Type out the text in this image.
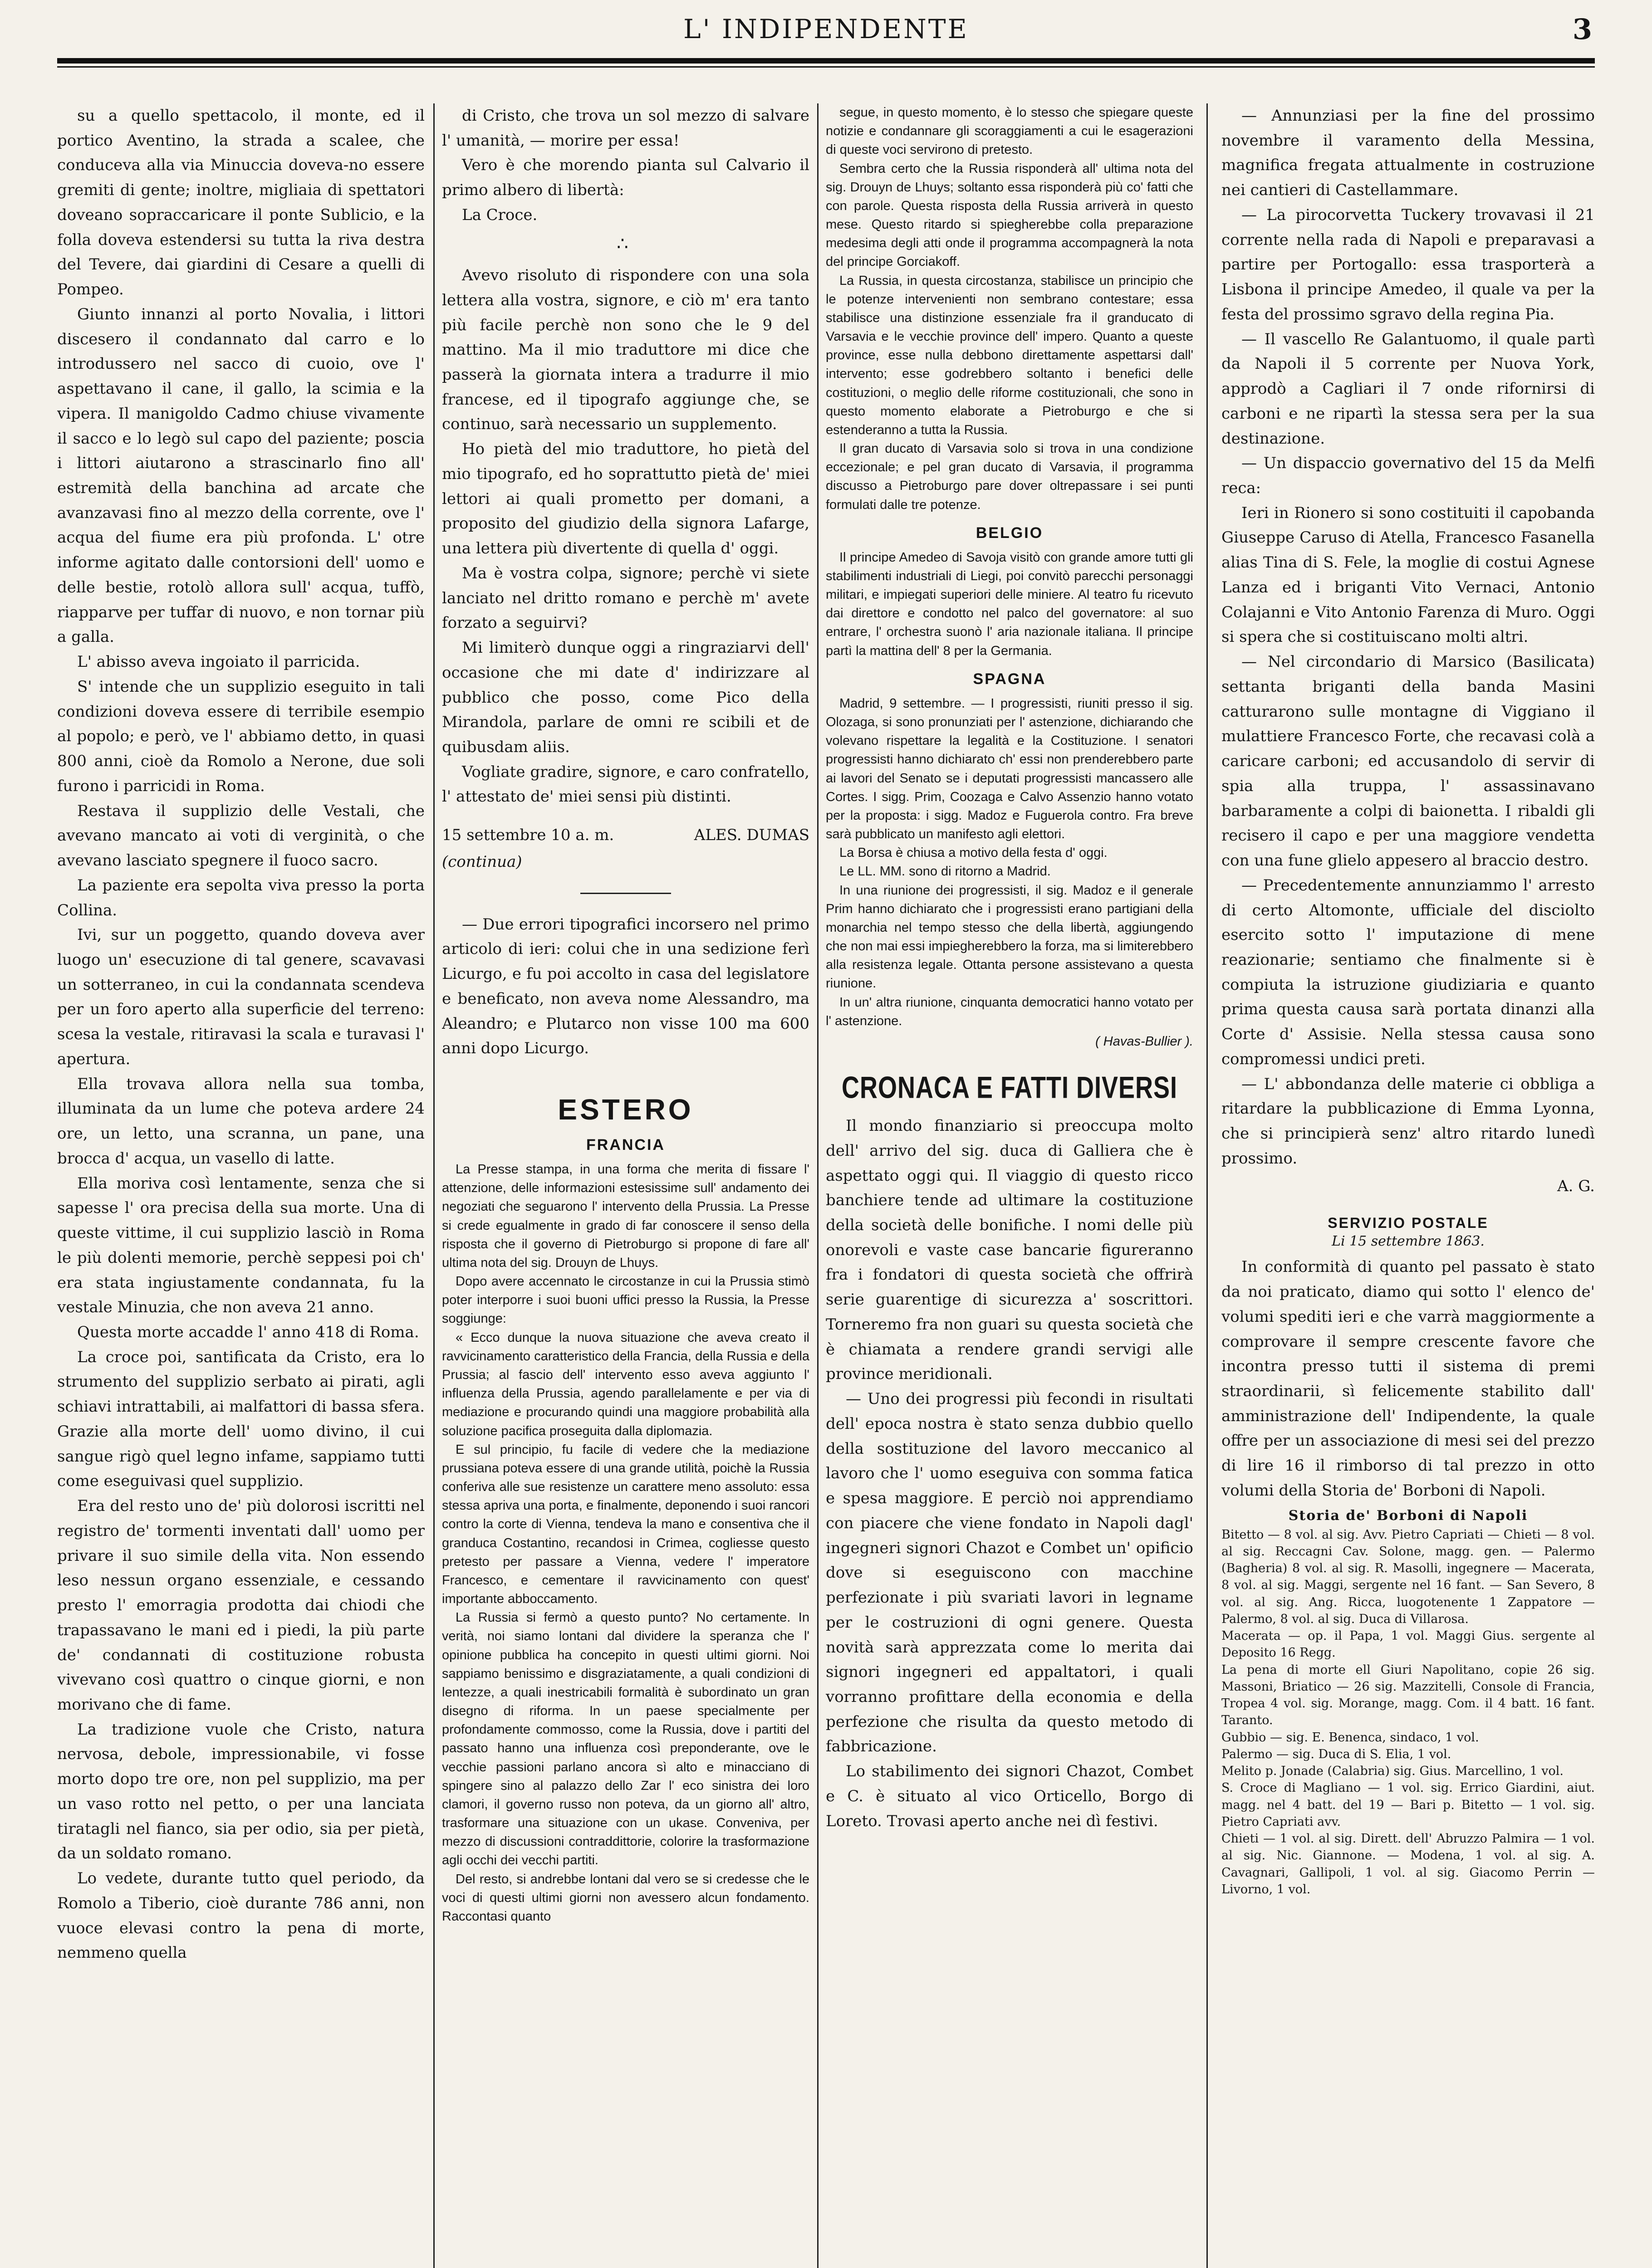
L' INDIPENDENTE	3

su a quello spettacolo, il monte, ed il portico Aventino, la strada a scalee, che conduceva alla via Minuccia doveva-no essere gremiti di gente; inoltre, migliaia di spettatori doveano sopraccaricare il ponte Sublicio, e la folla doveva estendersi su tutta la riva destra del Tevere, dai giardini di Cesare a quelli di Pompeo.

Giunto innanzi al porto Novalia, i littori discesero il condannato dal carro e lo introdussero nel sacco di cuoio, ove l' aspettavano il cane, il gallo, la scimia e la vipera. Il manigoldo Cadmo chiuse vivamente il sacco e lo legò sul capo del paziente; poscia i littori aiutarono a strascinarlo fino all' estremità della banchina ad arcate che avanzavasi fino al mezzo della corrente, ove l' acqua del fiume era più profonda. L' otre informe agitato dalle contorsioni dell' uomo e delle bestie, rotolò allora sull' acqua, tuffò, riapparve per tuffar di nuovo, e non tornar più a galla.

L' abisso aveva ingoiato il parricida.

S' intende che un supplizio eseguito in tali condizioni doveva essere di terribile esempio al popolo; e però, ve l' abbiamo detto, in quasi 800 anni, cioè da Romolo a Nerone, due soli furono i parricidi in Roma.

Restava il supplizio delle Vestali, che avevano mancato ai voti di verginità, o che avevano lasciato spegnere il fuoco sacro.

La paziente era sepolta viva presso la porta Collina.

Ivi, sur un poggetto, quando doveva aver luogo un' esecuzione di tal genere, scavavasi un sotterraneo, in cui la condannata scendeva per un foro aperto alla superficie del terreno: scesa la vestale, ritiravasi la scala e turavasi l' apertura.

Ella trovava allora nella sua tomba, illuminata da un lume che poteva ardere 24 ore, un letto, una scranna, un pane, una brocca d' acqua, un vasello di latte.

Ella moriva così lentamente, senza che si sapesse l' ora precisa della sua morte. Una di queste vittime, il cui supplizio lasciò in Roma le più dolenti memorie, perchè seppesi poi ch' era stata ingiustamente condannata, fu la vestale Minuzia, che non aveva 21 anno.

Questa morte accadde l' anno 418 di Roma.

La croce poi, santificata da Cristo, era lo strumento del supplizio serbato ai pirati, agli schiavi intrattabili, ai malfattori di bassa sfera. Grazie alla morte dell' uomo divino, il cui sangue rigò quel legno infame, sappiamo tutti come eseguivasi quel supplizio.

Era del resto uno de' più dolorosi iscritti nel registro de' tormenti inventati dall' uomo per privare il suo simile della vita. Non essendo leso nessun organo essenziale, e cessando presto l' emorragia prodotta dai chiodi che trapassavano le mani ed i piedi, la più parte de' condannati di costituzione robusta vivevano così quattro o cinque giorni, e non morivano che di fame.

La tradizione vuole che Cristo, natura nervosa, debole, impressionabile, vi fosse morto dopo tre ore, non pel supplizio, ma per un vaso rotto nel petto, o per una lanciata tiratagli nel fianco, sia per odio, sia per pietà, da un soldato romano.

Lo vedete, durante tutto quel periodo, da Romolo a Tiberio, cioè durante 786 anni, non vuoce elevasi contro la pena di morte, nemmeno quella

di Cristo, che trova un sol mezzo di salvare l' umanità, — morire per essa!

Vero è che morendo pianta sul Calvario il primo albero di libertà:

La Croce.

∴

Avevo risoluto di rispondere con una sola lettera alla vostra, signore, e ciò m' era tanto più facile perchè non sono che le 9 del mattino. Ma il mio traduttore mi dice che passerà la giornata intera a tradurre il mio francese, ed il tipografo aggiunge che, se continuo, sarà necessario un supplemento.

Ho pietà del mio traduttore, ho pietà del mio tipografo, ed ho soprattutto pietà de' miei lettori ai quali prometto per domani, a proposito del giudizio della signora Lafarge, una lettera più divertente di quella d' oggi.

Ma è vostra colpa, signore; perchè vi siete lanciato nel dritto romano e perchè m' avete forzato a seguirvi?

Mi limiterò dunque oggi a ringraziarvi dell' occasione che mi date d' indirizzare al pubblico che posso, come Pico della Mirandola, parlare de omni re scibili et de quibusdam aliis.

Vogliate gradire, signore, e caro confratello, l' attestato de' miei sensi più distinti.

15 settembre 10 a. m.	ALES. DUMAS
(continua)

— Due errori tipografici incorsero nel primo articolo di ieri: colui che in una sedizione ferì Licurgo, e fu poi accolto in casa del legislatore e beneficato, non aveva nome Alessandro, ma Aleandro; e Plutarco non visse 100 ma 600 anni dopo Licurgo.

ESTERO
FRANCIA

La Presse stampa, in una forma che merita di fissare l' attenzione, delle informazioni estesissime sull' andamento dei negoziati che seguarono l' intervento della Prussia. La Presse si crede egualmente in grado di far conoscere il senso della risposta che il governo di Pietroburgo si propone di fare all' ultima nota del sig. Drouyn de Lhuys.

Dopo avere accennato le circostanze in cui la Prussia stimò poter interporre i suoi buoni uffici presso la Russia, la Presse soggiunge:

« Ecco dunque la nuova situazione che aveva creato il ravvicinamento caratteristico della Francia, della Russia e della Prussia; al fascio dell' intervento esso aveva aggiunto l' influenza della Prussia, agendo parallelamente e per via di mediazione e procurando quindi una maggiore probabilità alla soluzione pacifica proseguita dalla diplomazia.

E sul principio, fu facile di vedere che la mediazione prussiana poteva essere di una grande utilità, poichè la Russia conferiva alle sue resistenze un carattere meno assoluto: essa stessa apriva una porta, e finalmente, deponendo i suoi rancori contro la corte di Vienna, tendeva la mano e consentiva che il granduca Costantino, recandosi in Crimea, cogliesse questo pretesto per passare a Vienna, vedere l' imperatore Francesco, e cementare il ravvicinamento con quest' importante abboccamento.

La Russia si fermò a questo punto? No certamente. In verità, noi siamo lontani dal dividere la speranza che l' opinione pubblica ha concepito in questi ultimi giorni. Noi sappiamo benissimo e disgraziatamente, a quali condizioni di lentezze, a quali inestricabili formalità è subordinato un gran disegno di riforma. In un paese specialmente per profondamente commosso, come la Russia, dove i partiti del passato hanno una influenza così preponderante, ove le vecchie passioni parlano ancora sì alto e minacciano di spingere sino al palazzo dello Zar l' eco sinistra dei loro clamori, il governo russo non poteva, da un giorno all' altro, trasformare una situazione con un ukase. Conveniva, per mezzo di discussioni contraddittorie, colorire la trasformazione agli occhi dei vecchi partiti.

Del resto, si andrebbe lontani dal vero se si credesse che le voci di questi ultimi giorni non avessero alcun fondamento. Raccontasi quanto

segue, in questo momento, è lo stesso che spiegare queste notizie e condannare gli scoraggiamenti a cui le esagerazioni di queste voci servirono di pretesto.

Sembra certo che la Russia risponderà all' ultima nota del sig. Drouyn de Lhuys; soltanto essa risponderà più co' fatti che con parole. Questa risposta della Russia arriverà in questo mese. Questo ritardo si spiegherebbe colla preparazione medesima degli atti onde il programma accompagnerà la nota del principe Gorciakoff.

La Russia, in questa circostanza, stabilisce un principio che le potenze intervenienti non sembrano contestare; essa stabilisce una distinzione essenziale fra il granducato di Varsavia e le vecchie province dell' impero. Quanto a queste province, esse nulla debbono direttamente aspettarsi dall' intervento; esse godrebbero soltanto i benefici delle costituzioni, o meglio delle riforme costituzionali, che sono in questo momento elaborate a Pietroburgo e che si estenderanno a tutta la Russia.

Il gran ducato di Varsavia solo si trova in una condizione eccezionale; e pel gran ducato di Varsavia, il programma discusso a Pietroburgo pare dover oltrepassare i sei punti formulati dalle tre potenze.

BELGIO

Il principe Amedeo di Savoja visitò con grande amore tutti gli stabilimenti industriali di Liegi, poi convitò parecchi personaggi militari, e impiegati superiori delle miniere. Al teatro fu ricevuto dai direttore e condotto nel palco del governatore: al suo entrare, l' orchestra suonò l' aria nazionale italiana. Il principe partì la mattina dell' 8 per la Germania.

SPAGNA

Madrid, 9 settembre. — I progressisti, riuniti presso il sig. Olozaga, si sono pronunziati per l' astenzione, dichiarando che volevano rispettare la legalità e la Costituzione. I senatori progressisti hanno dichiarato ch' essi non prenderebbero parte ai lavori del Senato se i deputati progressisti mancassero alle Cortes. I sigg. Prim, Coozaga e Calvo Assenzio hanno votato per la proposta: i sigg. Madoz e Fuguerola contro. Fra breve sarà pubblicato un manifesto agli elettori.

La Borsa è chiusa a motivo della festa d' oggi.

Le LL. MM. sono di ritorno a Madrid.

In una riunione dei progressisti, il sig. Madoz e il generale Prim hanno dichiarato che i progressisti erano partigiani della monarchia nel tempo stesso che della libertà, aggiungendo che non mai essi impiegherebbero la forza, ma si limiterebbero alla resistenza legale. Ottanta persone assistevano a questa riunione.

In un' altra riunione, cinquanta democratici hanno votato per l' astenzione.

( Havas-Bullier ).
CRONACA E FATTI DIVERSI

Il mondo finanziario si preoccupa molto dell' arrivo del sig. duca di Galliera che è aspettato oggi qui. Il viaggio di questo ricco banchiere tende ad ultimare la costituzione della società delle bonifiche. I nomi delle più onorevoli e vaste case bancarie figureranno fra i fondatori di questa società che offrirà serie guarentige di sicurezza a' soscrittori. Torneremo fra non guari su questa società che è chiamata a rendere grandi servigi alle province meridionali.

— Uno dei progressi più fecondi in risultati dell' epoca nostra è stato senza dubbio quello della sostituzione del lavoro meccanico al lavoro che l' uomo eseguiva con somma fatica e spesa maggiore. E perciò noi apprendiamo con piacere che viene fondato in Napoli dagl' ingegneri signori Chazot e Combet un' opificio dove si eseguiscono con macchine perfezionate i più svariati lavori in legname per le costruzioni di ogni genere. Questa novità sarà apprezzata come lo merita dai signori ingegneri ed appaltatori, i quali vorranno profittare della economia e della perfezione che risulta da questo metodo di fabbricazione.

Lo stabilimento dei signori Chazot, Combet e C. è situato al vico Orticello, Borgo di Loreto. Trovasi aperto anche nei dì festivi.

— Annunziasi per la fine del prossimo novembre il varamento della Messina, magnifica fregata attualmente in costruzione nei cantieri di Castellammare.

— La pirocorvetta Tuckery trovavasi il 21 corrente nella rada di Napoli e preparavasi a partire per Portogallo: essa trasporterà a Lisbona il principe Amedeo, il quale va per la festa del prossimo sgravo della regina Pia.

— Il vascello Re Galantuomo, il quale partì da Napoli il 5 corrente per Nuova York, approdò a Cagliari il 7 onde rifornirsi di carboni e ne ripartì la stessa sera per la sua destinazione.

— Un dispaccio governativo del 15 da Melfi reca:

Ieri in Rionero si sono costituiti il capobanda Giuseppe Caruso di Atella, Francesco Fasanella alias Tina di S. Fele, la moglie di costui Agnese Lanza ed i briganti Vito Vernaci, Antonio Colajanni e Vito Antonio Farenza di Muro. Oggi si spera che si costituiscano molti altri.

— Nel circondario di Marsico (Basilicata) settanta briganti della banda Masini catturarono sulle montagne di Viggiano il mulattiere Francesco Forte, che recavasi colà a caricare carboni; ed accusandolo di servir di spia alla truppa, l' assassinavano barbaramente a colpi di baionetta. I ribaldi gli recisero il capo e per una maggiore vendetta con una fune glielo appesero al braccio destro.

— Precedentemente annunziammo l' arresto di certo Altomonte, ufficiale del disciolto esercito sotto l' imputazione di mene reazionarie; sentiamo che finalmente si è compiuta la istruzione giudiziaria e quanto prima questa causa sarà portata dinanzi alla Corte d' Assisie. Nella stessa causa sono compromessi undici preti.

— L' abbondanza delle materie ci obbliga a ritardare la pubblicazione di Emma Lyonna, che si principierà senz' altro ritardo lunedì prossimo.

A. G.
SERVIZIO POSTALE
Li 15 settembre 1863.

In conformità di quanto pel passato è stato da noi praticato, diamo qui sotto l' elenco de' volumi spediti ieri e che varrà maggiormente a comprovare il sempre crescente favore che incontra presso tutti il sistema di premi straordinarii, sì felicemente stabilito dall' amministrazione dell' Indipendente, la quale offre per un associazione di mesi sei del prezzo di lire 16 il rimborso di tal prezzo in otto volumi della Storia de' Borboni di Napoli.

Storia de' Borboni di Napoli

Bitetto — 8 vol. al sig. Avv. Pietro Capriati — Chieti — 8 vol. al sig. Reccagni Cav. Solone, magg. gen. — Palermo (Bagheria) 8 vol. al sig. R. Masolli, ingegnere — Macerata, 8 vol. al sig. Maggi, sergente nel 16 fant. — San Severo, 8 vol. al sig. Ang. Ricca, luogotenente 1 Zappatore — Palermo, 8 vol. al sig. Duca di Villarosa.

Macerata — op. il Papa, 1 vol. Maggi Gius. sergente al Deposito 16 Regg.

La pena di morte ell Giuri Napolitano, copie 26 sig. Massoni, Briatico — 26 sig. Mazzitelli, Console di Francia, Tropea 4 vol. sig. Morange, magg. Com. il 4 batt. 16 fant. Taranto.

Gubbio — sig. E. Benenca, sindaco, 1 vol.

Palermo — sig. Duca di S. Elia, 1 vol.

Melito p. Jonade (Calabria) sig. Gius. Marcellino, 1 vol.

S. Croce di Magliano — 1 vol. sig. Errico Giardini, aiut. magg. nel 4 batt. del 19 — Bari p. Bitetto — 1 vol. sig. Pietro Capriati avv.

Chieti — 1 vol. al sig. Dirett. dell' Abruzzo Palmira — 1 vol. al sig. Nic. Giannone. — Modena, 1 vol. al sig. A. Cavagnari, Gallipoli, 1 vol. al sig. Giacomo Perrin — Livorno, 1 vol.
